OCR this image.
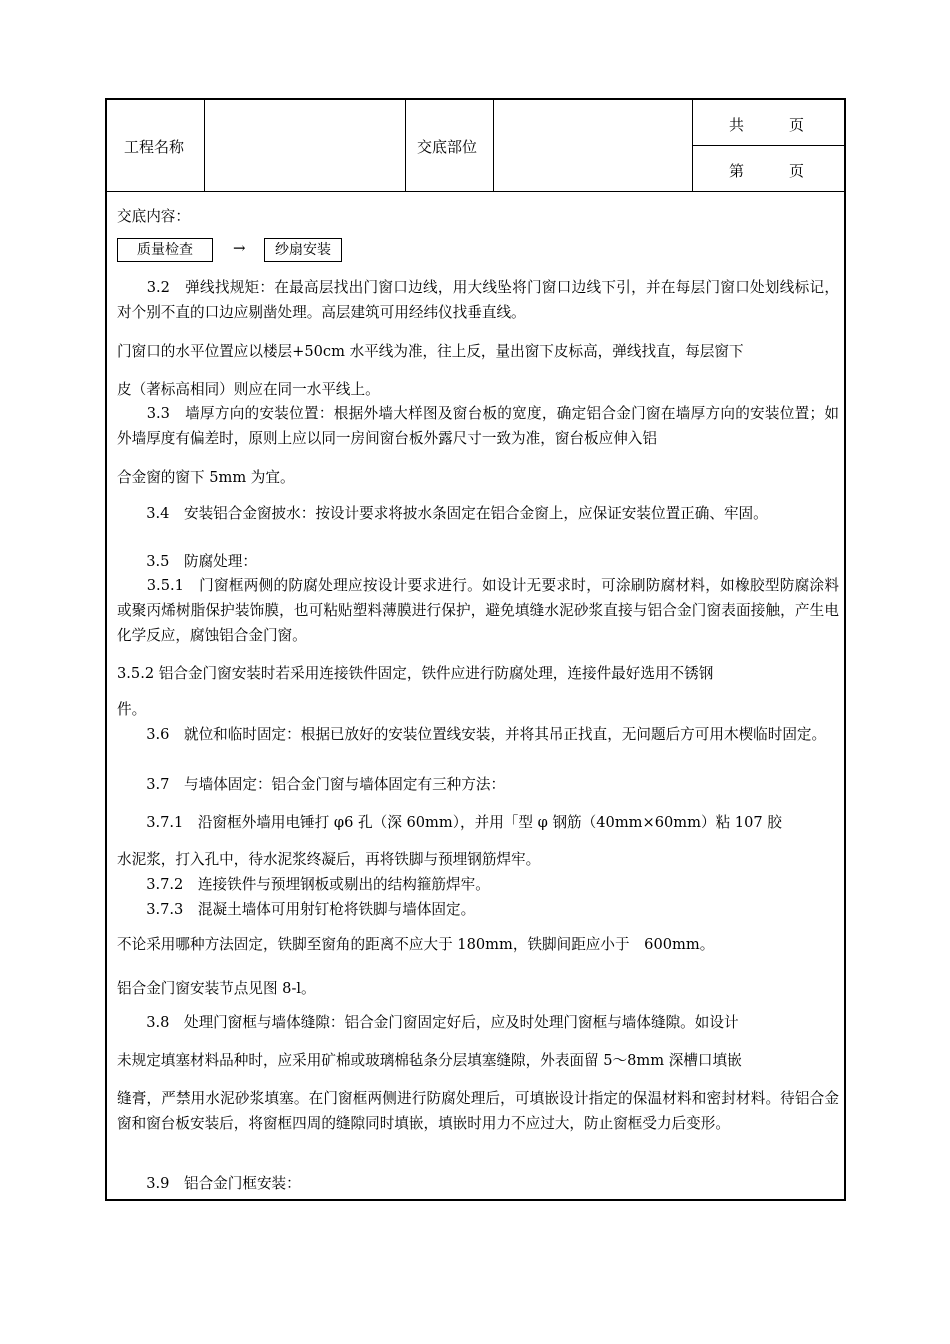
工程名称	交底部位
共　　　页
第　　　页
交底内容：
质量检查	→	纱扇安装
　　3.2　弹线找规矩：在最高层找出门窗口边线，用大线坠将门窗口边线下引，并在每层门窗口处划线标记，对个别不直的口边应剔凿处理。高层建筑可用经纬仪找垂直线。
门窗口的水平位置应以楼层+50cm 水平线为准，往上反，量出窗下皮标高，弹线找直，每层窗下
皮（著标高相同）则应在同一水平线上。
　　3.3　墙厚方向的安装位置：根据外墙大样图及窗台板的宽度，确定铝合金门窗在墙厚方向的安装位置；如外墙厚度有偏差时，原则上应以同一房间窗台板外露尺寸一致为准，窗台板应伸入铝
合金窗的窗下 5mm 为宜。
　　3.4　安装铝合金窗披水：按设计要求将披水条固定在铝合金窗上，应保证安装位置正确、牢固。
　　3.5　防腐处理：
　　3.5.1　门窗框两侧的防腐处理应按设计要求进行。如设计无要求时，可涂刷防腐材料，如橡胶型防腐涂料或聚丙烯树脂保护装饰膜，也可粘贴塑料薄膜进行保护，避免填缝水泥砂浆直接与铝合金门窗表面接触，产生电化学反应，腐蚀铝合金门窗。
3.5.2 铝合金门窗安装时若采用连接铁件固定，铁件应进行防腐处理，连接件最好选用不锈钢
件。
　　3.6　就位和临时固定：根据已放好的安装位置线安装，并将其吊正找直，无问题后方可用木楔临时固定。
　　3.7　与墙体固定：铝合金门窗与墙体固定有三种方法：
　　3.7.1　沿窗框外墙用电锤打 φ6 孔（深 60mm），并用「型 φ 钢筋（40mm×60mm）粘 107 胶
水泥浆，打入孔中，待水泥浆终凝后，再将铁脚与预埋钢筋焊牢。
　　3.7.2　连接铁件与预埋钢板或剔出的结构箍筋焊牢。
　　3.7.3　混凝土墙体可用射钉枪将铁脚与墙体固定。
不论采用哪种方法固定，铁脚至窗角的距离不应大于 180mm，铁脚间距应小于　600mm。
铝合金门窗安装节点见图 8-l。
　　3.8　处理门窗框与墙体缝隙：铝合金门窗固定好后，应及时处理门窗框与墙体缝隙。如设计
未规定填塞材料品种时，应采用矿棉或玻璃棉毡条分层填塞缝隙，外表面留 5～8mm 深槽口填嵌
缝膏，严禁用水泥砂浆填塞。在门窗框两侧进行防腐处理后，可填嵌设计指定的保温材料和密封材料。待铝合金窗和窗台板安装后，将窗框四周的缝隙同时填嵌，填嵌时用力不应过大，防止窗框受力后变形。
　　3.9　铝合金门框安装：
